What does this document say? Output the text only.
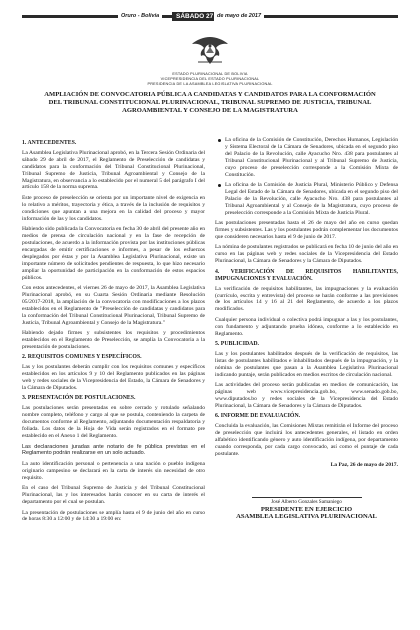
Oruro - Bolivia	SÁBADO 27 de mayo de 2017
ESTADO PLURINACIONAL DE BOLIVIA
VICEPRESIDENCIA DEL ESTADO PLURINACIONAL
PRESIDENCIA DE LA ASAMBLEA LEGISLATIVA PLURINACIONAL
AMPLIACIÓN DE CONVOCATORIA PÚBLICA A CANDIDATAS Y CANDIDATOS PARA LA CONFORMACIÓN DEL TRIBUNAL CONSTITUCIONAL PLURINACIONAL, TRIBUNAL SUPREMO DE JUSTICIA, TRIBUNAL AGROAMBIENTAL Y CONSEJO DE LA MAGISTRATURA
1. ANTECEDENTES.

La Asamblea Legislativa Plurinacional aprobó, en la Tercera Sesión Ordinaria del sábado 29 de abril de 2017, el Reglamento de Preselección de candidatas y candidatos para la conformación del Tribunal Constitucional Plurinacional, Tribunal Supremo de Justicia, Tribunal Agroambiental y Consejo de la Magistratura, en observancia a lo establecido por el numeral 5 del parágrafo I del artículo 158 de la norma suprema.

Este proceso de preselección se orienta por un importante nivel de exigencia en lo relativo a méritos, trayectoria y ética, a través de la inclusión de requisitos y condiciones que apuntan a una mejora en la calidad del proceso y mayor información de las y los candidatos.

Habiendo sido publicada la Convocatoria en fecha 30 de abril del presente año en medios de prensa de circulación nacional y en la fase de recepción de postulaciones, de acuerdo a la información provista por las instituciones públicas encargadas de emitir certificaciones e informes, a pesar de los esfuerzos desplegados por éstas y por la Asamblea Legislativa Plurinacional, existe un importante número de solicitudes pendientes de respuesta, lo que hizo necesario ampliar la oportunidad de participación en la conformación de estos espacios públicos.

Con estos antecedentes, el viernes 26 de mayo de 2017, la Asamblea Legislativa Plurinacional aprobó, en su Cuarta Sesión Ordinaria mediante Resolución 05/2017-2018, la ampliación de la convocatoria con modificaciones a los plazos establecidos en el Reglamento de "Preselección de candidatas y candidatos para la conformación del Tribunal Constitucional Plurinacional, Tribunal Supremo de Justicia, Tribunal Agroambiental y Consejo de la Magistratura."

Habiendo dejado firmes y subsistentes los requisitos y procedimientos establecidos en el Reglamento de Preselección, se amplía la Convocatoria a la presentación de postulaciones.

2. REQUISITOS COMUNES Y ESPECÍFICOS.

Las y los postulantes deberán cumplir con los requisitos comunes y específicos establecidos en los artículos 9 y 10 del Reglamento publicados en las páginas web y redes sociales de la Vicepresidencia del Estado, la Cámara de Senadores y la Cámara de Diputados.

3. PRESENTACIÓN DE POSTULACIONES.

Las postulaciones serán presentadas en sobre cerrado y rotulado señalando nombre completo, teléfono y cargo al que se postula, conteniendo la carpeta de documentos conforme al Reglamento, adjuntando documentación respaldatoria y foliada. Los datos de la Hoja de Vida serán registrados en el formato pre establecido en el Anexo 1 del Reglamento.

Las declaraciones juradas ante notario de fe pública previstas en el Reglamento podrán realizarse en un solo actuado.

La auto identificación personal o pertenencia a una nación o pueblo indígena originario campesino se declarará en la carta de interés sin necesidad de otro requisito.

En el caso del Tribunal Supremo de Justicia y del Tribunal Constitucional Plurinacional, las y los interesados harán conocer en su carta de interés el departamento por el cual se postulan.

La presentación de postulaciones se amplía hasta el 9 de junio del año en curso de horas 8:30 a 12:00 y de 14:30 a 19:00 en:

La oficina de la Comisión de Constitución, Derechos Humanos, Legislación y Sistema Electoral de la Cámara de Senadores, ubicada en el segundo piso del Palacio de la Revolución, calle Ayacucho Nro. 438 para postulantes al Tribunal Constitucional Plurinacional y al Tribunal Supremo de Justicia, cuyo proceso de preselección corresponde a la Comisión Mixta de Constitución.
La oficina de la Comisión de Justicia Plural, Ministerio Público y Defensa Legal del Estado de la Cámara de Senadores, ubicada en el segundo piso del Palacio de la Revolución, calle Ayacucho Nro. 438 para postulantes al Tribunal Agroambiental y al Consejo de la Magistratura, cuyo proceso de preselección corresponde a la Comisión Mixta de Justicia Plural.

Las postulaciones presentadas hasta el 26 de mayo del año en curso quedan firmes y subsistentes. Las y los postulantes podrán complementar los documentos que consideren necesarios hasta el 9 de junio de 2017.

La nómina de postulantes registrados se publicará en fecha 10 de junio del año en curso en las páginas web y redes sociales de la Vicepresidencia del Estado Plurinacional, la Cámara de Senadores y la Cámara de Diputados.

4. VERIFICACIÓN DE REQUISITOS HABILITANTES, IMPUGNACIONES Y EVALUACIÓN.

La verificación de requisitos habilitantes, las impugnaciones y la evaluación (currículo, escrita y entrevista) del proceso se harán conforme a las previsiones de los artículos 14 y 16 al 21 del Reglamento, de acuerdo a los plazos modificados.

Cualquier persona individual o colectiva podrá impugnar a las y los postulantes, con fundamento y adjuntando prueba idónea, conforme a lo establecido en Reglamento.

5. PUBLICIDAD.

Las y los postulantes habilitados después de la verificación de requisitos, las listas de postulantes habilitados e inhabilitados después de la impugnación, y la nómina de postulantes que pasan a la Asamblea Legislativa Plurinacional indicando puntaje, serán publicados en medios escritos de circulación nacional.

Las actividades del proceso serán publicadas en medios de comunicación, las páginas web www.vicepresidencia.gob.bo, www.senado.gob.bo, www.diputados.bo y redes sociales de la Vicepresidencia del Estado Plurinacional, la Cámara de Senadores y la Cámara de Diputados.

6. INFORME DE EVALUACIÓN.

Concluida la evaluación, las Comisiones Mixtas remitirán el Informe del proceso de preselección que incluirá los antecedentes generales, el listado en orden alfabético identificando género y auto identificación indígena, por departamento cuando corresponda, por cada cargo convocado, así como el puntaje de cada postulante.

La Paz, 26 de mayo de 2017.
José Alberto Gonzales Samaniego
PRESIDENTE EN EJERCICIO
ASAMBLEA LEGISLATIVA PLURINACIONAL
